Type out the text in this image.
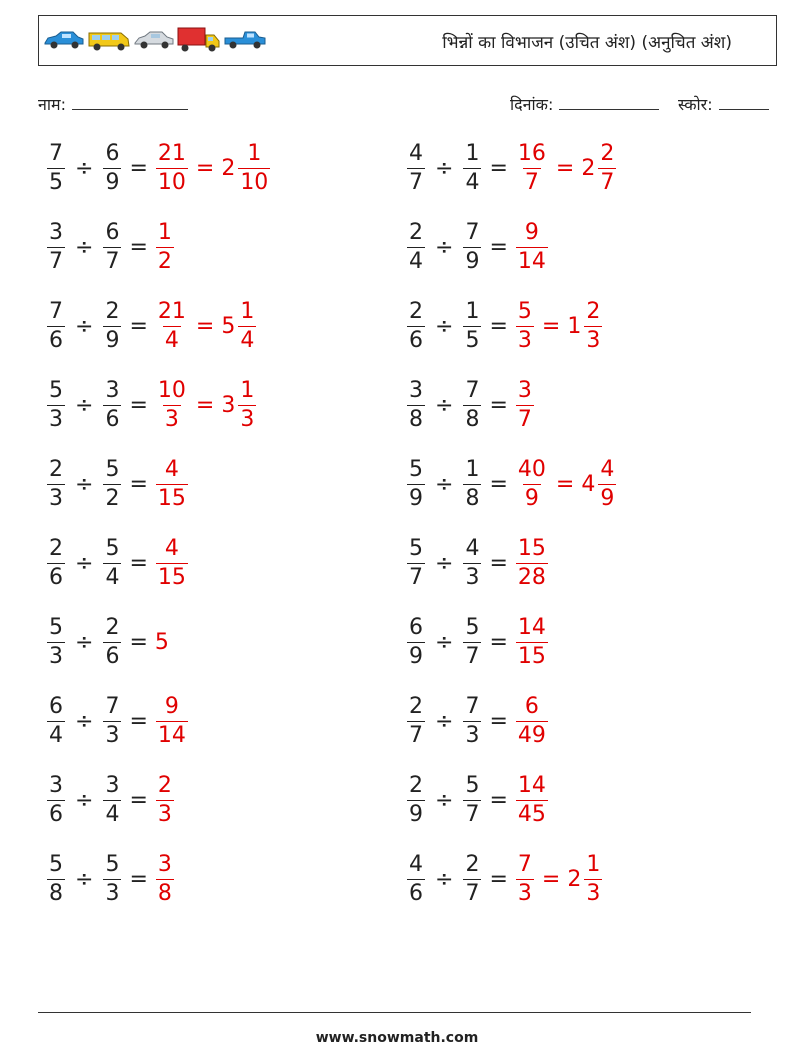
भिन्नों का विभाजन (उचित अंश) (अनुचित अंश)
नाम:	दिनांक:	स्कोर:
$\frac{7}{5} \div \frac{6}{9} = \frac{21}{10} = 2 \frac{1}{10}$
$\frac{3}{7} \div \frac{6}{7} = \frac{1}{2}$
$\frac{7}{6} \div \frac{2}{9} = \frac{21}{4} = 5 \frac{1}{4}$
$\frac{5}{3} \div \frac{3}{6} = \frac{10}{3} = 3 \frac{1}{3}$
$\frac{2}{3} \div \frac{5}{2} = \frac{4}{15}$
$\frac{2}{6} \div \frac{5}{4} = \frac{4}{15}$
$\frac{5}{3} \div \frac{2}{6} = 5$
$\frac{6}{4} \div \frac{7}{3} = \frac{9}{14}$
$\frac{3}{6} \div \frac{3}{4} = \frac{2}{3}$
$\frac{5}{8} \div \frac{5}{3} = \frac{3}{8}$
$\frac{4}{7} \div \frac{1}{4} = \frac{16}{7} = 2 \frac{2}{7}$
$\frac{2}{4} \div \frac{7}{9} = \frac{9}{14}$
$\frac{2}{6} \div \frac{1}{5} = \frac{5}{3} = 1 \frac{2}{3}$
$\frac{3}{8} \div \frac{7}{8} = \frac{3}{7}$
$\frac{5}{9} \div \frac{1}{8} = \frac{40}{9} = 4 \frac{4}{9}$
$\frac{5}{7} \div \frac{4}{3} = \frac{15}{28}$
$\frac{6}{9} \div \frac{5}{7} = \frac{14}{15}$
$\frac{2}{7} \div \frac{7}{3} = \frac{6}{49}$
$\frac{2}{9} \div \frac{5}{7} = \frac{14}{45}$
$\frac{4}{6} \div \frac{2}{7} = \frac{7}{3} = 2 \frac{1}{3}$
www.snowmath.com
